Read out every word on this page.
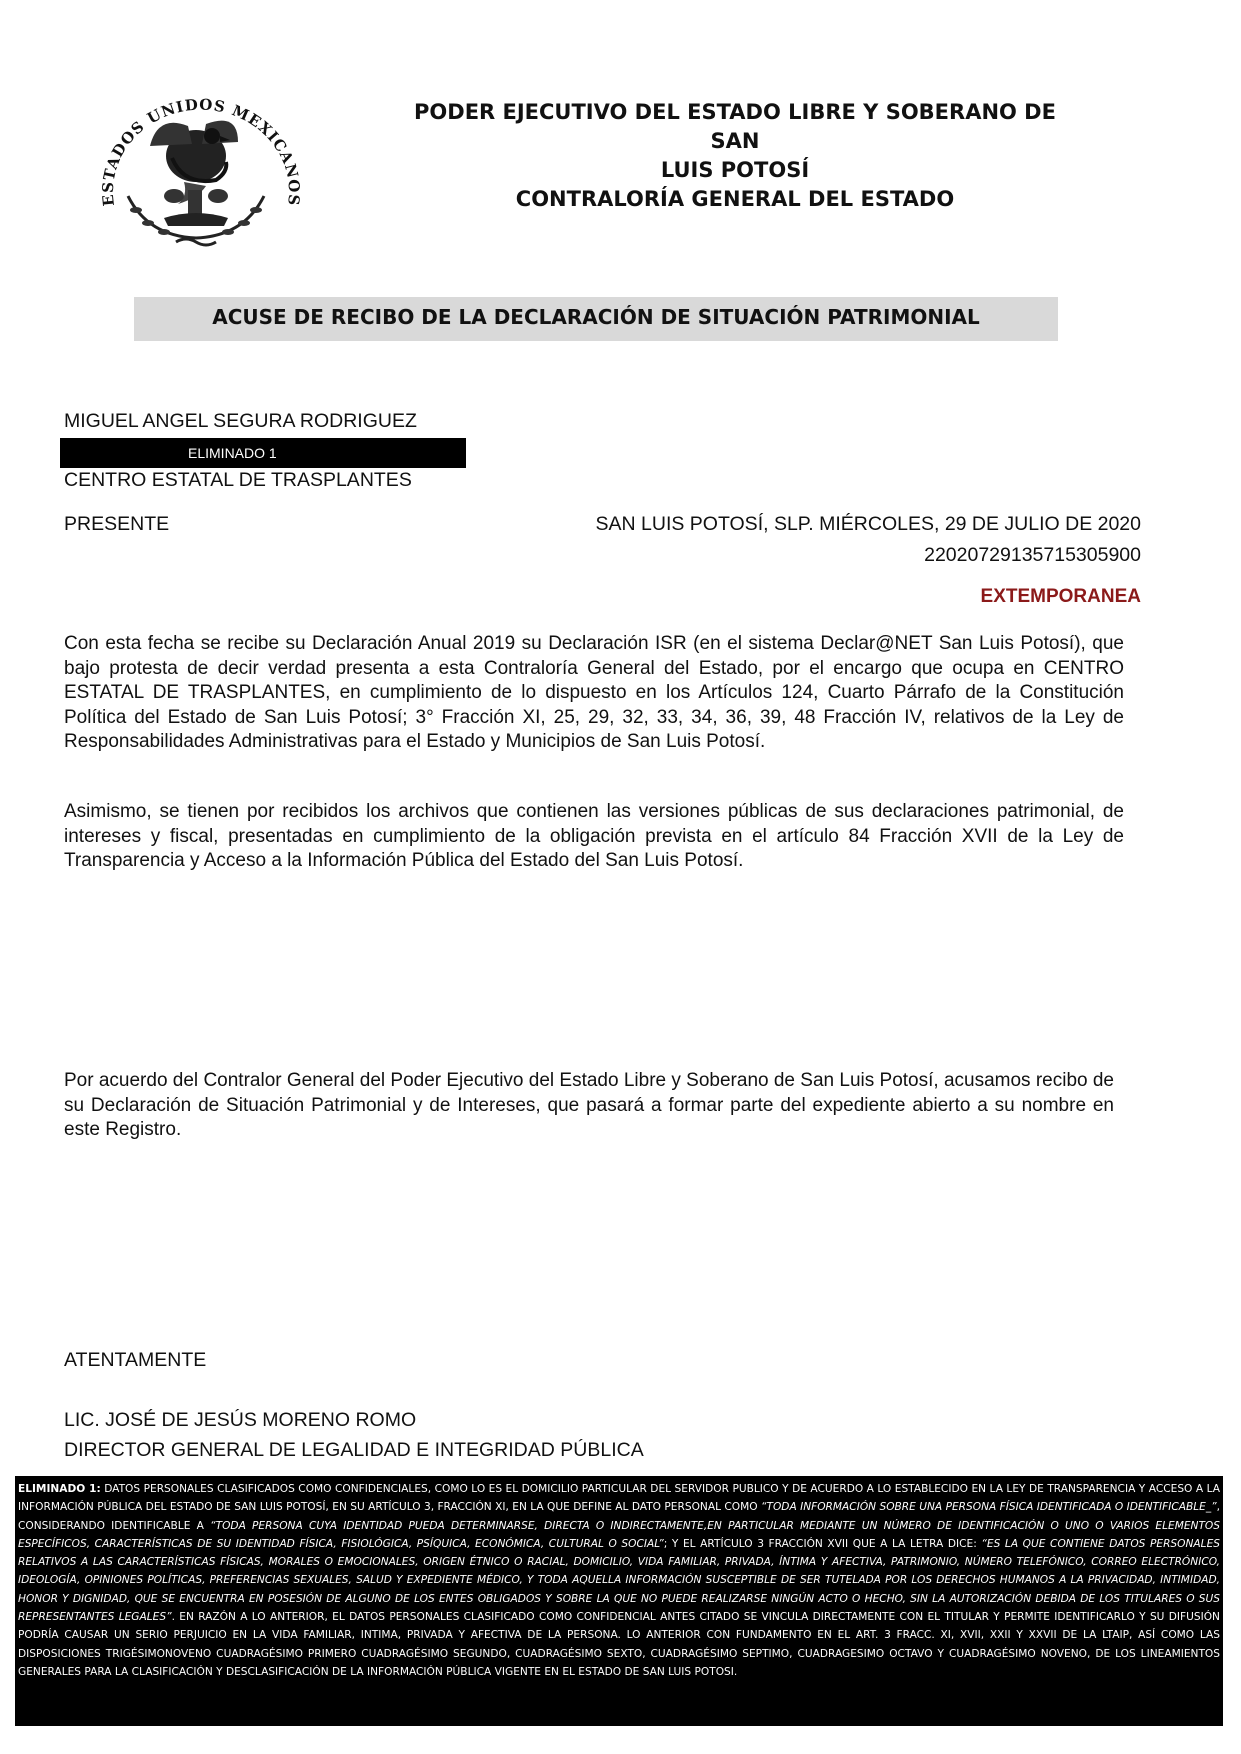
ESTADOS UNIDOS MEXICANOS
PODER EJECUTIVO DEL ESTADO LIBRE Y SOBERANO DE SAN
LUIS POTOSÍ
CONTRALORÍA GENERAL DEL ESTADO
ACUSE DE RECIBO DE LA DECLARACIÓN DE SITUACIÓN PATRIMONIAL
MIGUEL ANGEL SEGURA RODRIGUEZ
ELIMINADO 1
CENTRO ESTATAL DE TRASPLANTES
PRESENTE	SAN LUIS POTOSÍ, SLP. MIÉRCOLES, 29 DE JULIO DE 2020
22020729135715305900
EXTEMPORANEA
Con esta fecha se recibe su Declaración Anual 2019 su Declaración ISR (en el sistema Declar@NET San Luis Potosí), que bajo protesta de decir verdad presenta a esta Contraloría General del Estado, por el encargo que ocupa en CENTRO ESTATAL DE TRASPLANTES, en cumplimiento de lo dispuesto en los Artículos 124, Cuarto Párrafo de la Constitución Política del Estado de San Luis Potosí; 3° Fracción XI, 25, 29, 32, 33, 34, 36, 39, 48 Fracción IV, relativos de la Ley de Responsabilidades Administrativas para el Estado y Municipios de San Luis Potosí.
Asimismo, se tienen por recibidos los archivos que contienen las versiones públicas de sus declaraciones patrimonial, de intereses y fiscal, presentadas en cumplimiento de la obligación prevista en el artículo 84 Fracción XVII de la Ley de Transparencia y Acceso a la Información Pública del Estado del San Luis Potosí.
Por acuerdo del Contralor General del Poder Ejecutivo del Estado Libre y Soberano de San Luis Potosí, acusamos recibo de su Declaración de Situación Patrimonial y de Intereses, que pasará a formar parte del expediente abierto a su nombre en este Registro.
ATENTAMENTE
LIC. JOSÉ DE JESÚS MORENO ROMO
DIRECTOR GENERAL DE LEGALIDAD E INTEGRIDAD PÚBLICA
ELIMINADO 1: DATOS PERSONALES CLASIFICADOS COMO CONFIDENCIALES, COMO LO ES EL DOMICILIO PARTICULAR DEL SERVIDOR PUBLICO Y DE ACUERDO A LO ESTABLECIDO EN LA LEY DE TRANSPARENCIA Y ACCESO A LA INFORMACIÓN PÚBLICA DEL ESTADO DE SAN LUIS POTOSÍ, EN SU ARTÍCULO 3, FRACCIÓN XI, EN LA QUE DEFINE AL DATO PERSONAL COMO “TODA INFORMACIÓN SOBRE UNA PERSONA FÍSICA IDENTIFICADA O IDENTIFICABLE_”, CONSIDERANDO IDENTIFICABLE A “TODA PERSONA CUYA IDENTIDAD PUEDA DETERMINARSE, DIRECTA O INDIRECTAMENTE,EN PARTICULAR MEDIANTE UN NÚMERO DE IDENTIFICACIÓN O UNO O VARIOS ELEMENTOS ESPECÍFICOS, CARACTERÍSTICAS DE SU IDENTIDAD FÍSICA, FISIOLÓGICA, PSÍQUICA, ECONÓMICA, CULTURAL O SOCIAL”; Y EL ARTÍCULO 3 FRACCIÓN XVII QUE A LA LETRA DICE: “ES LA QUE CONTIENE DATOS PERSONALES RELATIVOS A LAS CARACTERÍSTICAS FÍSICAS, MORALES O EMOCIONALES, ORIGEN ÉTNICO O RACIAL, DOMICILIO, VIDA FAMILIAR, PRIVADA, ÍNTIMA Y AFECTIVA, PATRIMONIO, NÚMERO TELEFÓNICO, CORREO ELECTRÓNICO, IDEOLOGÍA, OPINIONES POLÍTICAS, PREFERENCIAS SEXUALES, SALUD Y EXPEDIENTE MÉDICO, Y TODA AQUELLA INFORMACIÓN SUSCEPTIBLE DE SER TUTELADA POR LOS DERECHOS HUMANOS A LA PRIVACIDAD, INTIMIDAD, HONOR Y DIGNIDAD, QUE SE ENCUENTRA EN POSESIÓN DE ALGUNO DE LOS ENTES OBLIGADOS Y SOBRE LA QUE NO PUEDE REALIZARSE NINGÚN ACTO O HECHO, SIN LA AUTORIZACIÓN DEBIDA DE LOS TITULARES O SUS REPRESENTANTES LEGALES”. EN RAZÓN A LO ANTERIOR, EL DATOS PERSONALES CLASIFICADO COMO CONFIDENCIAL ANTES CITADO SE VINCULA DIRECTAMENTE CON EL TITULAR Y PERMITE IDENTIFICARLO Y SU DIFUSIÓN PODRÍA CAUSAR UN SERIO PERJUICIO EN LA VIDA FAMILIAR, INTIMA, PRIVADA Y AFECTIVA DE LA PERSONA. LO ANTERIOR CON FUNDAMENTO EN EL ART. 3 FRACC. XI, XVII, XXII Y XXVII DE LA LTAIP, ASÍ COMO LAS DISPOSICIONES TRIGÉSIMONOVENO CUADRAGÉSIMO PRIMERO CUADRAGÉSIMO SEGUNDO, CUADRAGÉSIMO SEXTO, CUADRAGÉSIMO SEPTIMO, CUADRAGESIMO OCTAVO Y CUADRAGÉSIMO NOVENO, DE LOS LINEAMIENTOS GENERALES PARA LA CLASIFICACIÓN Y DESCLASIFICACIÓN DE LA INFORMACIÓN PÚBLICA VIGENTE EN EL ESTADO DE SAN LUIS POTOSI.
